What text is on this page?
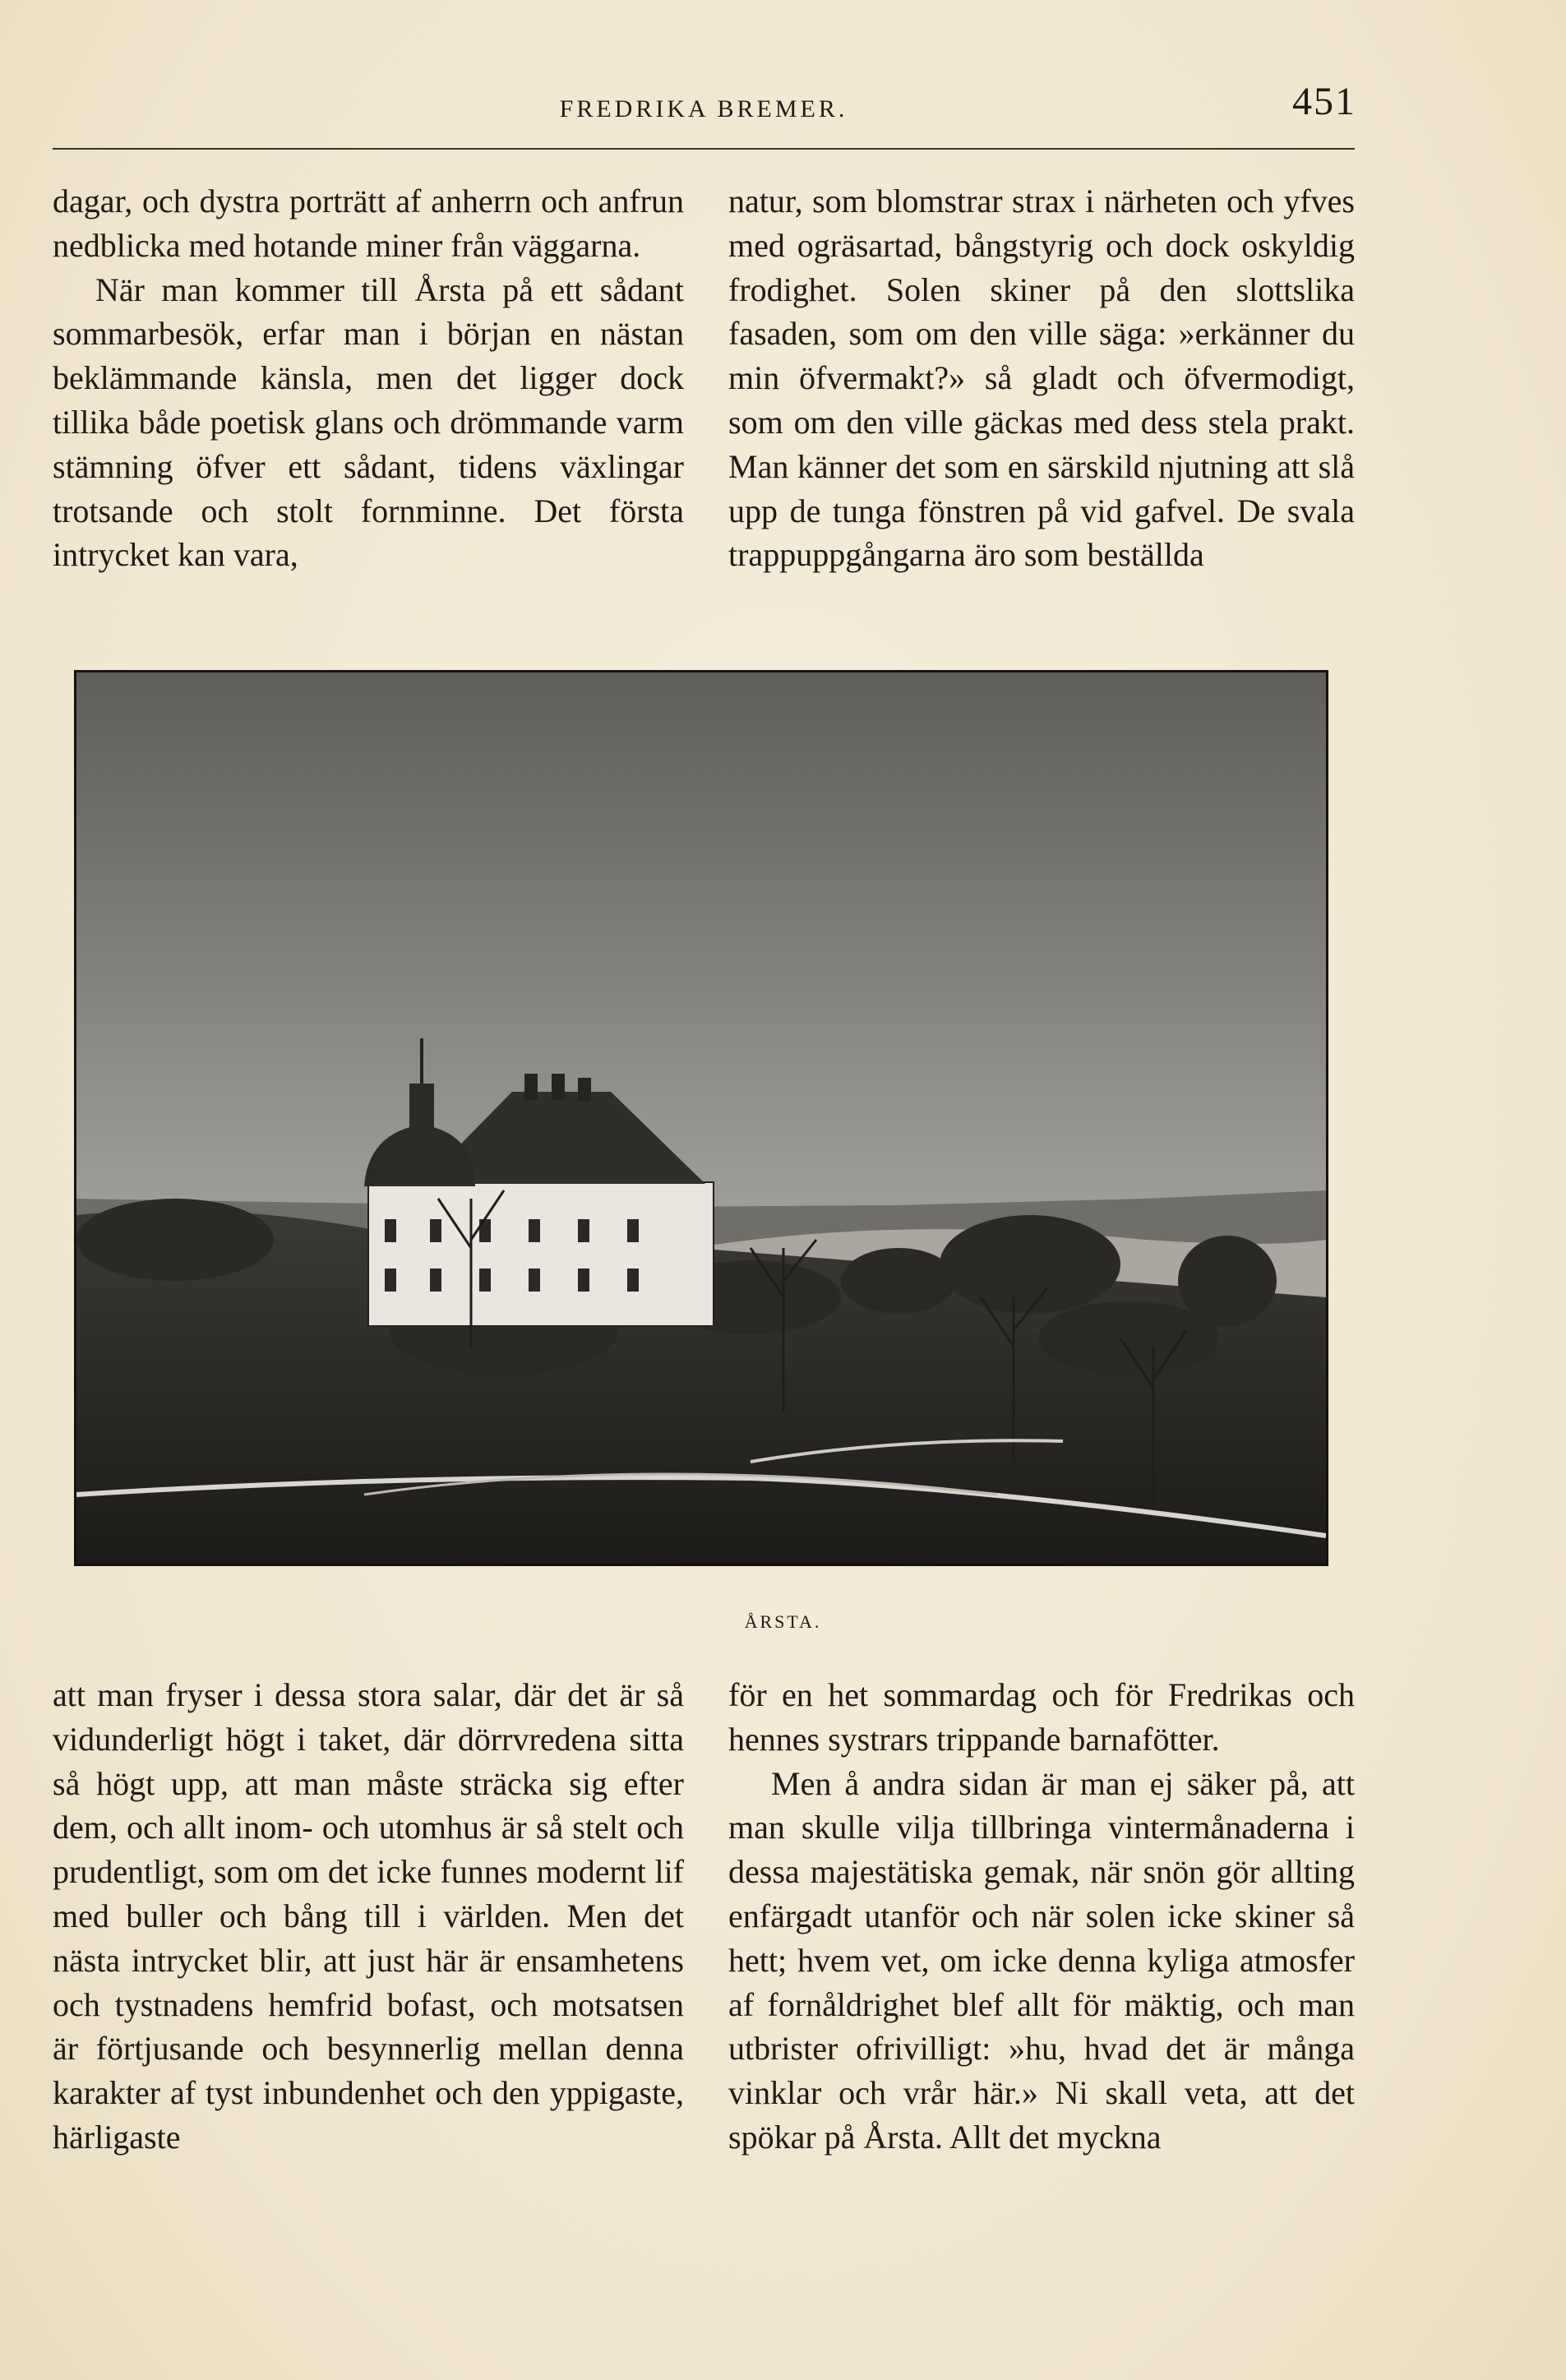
FREDRIKA BREMER.	451

dagar, och dystra porträtt af anherrn och anfrun nedblicka med hotande miner från väggarna.

När man kommer till Årsta på ett sådant sommarbesök, erfar man i början en nästan beklämmande känsla, men det ligger dock tillika både poetisk glans och drömmande varm stämning öfver ett sådant, tidens växlingar trotsande och stolt fornminne. Det första intrycket kan vara,

natur, som blomstrar strax i närheten och yfves med ogräsartad, bångstyrig och dock oskyldig frodighet. Solen skiner på den slottslika fasaden, som om den ville säga: »erkänner du min öfvermakt?» så gladt och öfvermodigt, som om den ville gäckas med dess stela prakt. Man känner det som en särskild njutning att slå upp de tunga fönstren på vid gafvel. De svala trappuppgångarna äro som beställda

ÅRSTA.

att man fryser i dessa stora salar, där det är så vidunderligt högt i taket, där dörrvredena sitta så högt upp, att man måste sträcka sig efter dem, och allt inom- och utomhus är så stelt och prudentligt, som om det icke funnes modernt lif med buller och bång till i världen. Men det nästa intrycket blir, att just här är ensamhetens och tystnadens hemfrid bofast, och motsatsen är förtjusande och besynnerlig mellan denna karakter af tyst inbundenhet och den yppigaste, härligaste

för en het sommardag och för Fredrikas och hennes systrars trippande barnafötter.

Men å andra sidan är man ej säker på, att man skulle vilja tillbringa vintermånaderna i dessa majestätiska gemak, när snön gör allting enfärgadt utanför och när solen icke skiner så hett; hvem vet, om icke denna kyliga atmosfer af fornåldrighet blef allt för mäktig, och man utbrister ofrivilligt: »hu, hvad det är många vinklar och vrår här.» Ni skall veta, att det spökar på Årsta. Allt det myckna
